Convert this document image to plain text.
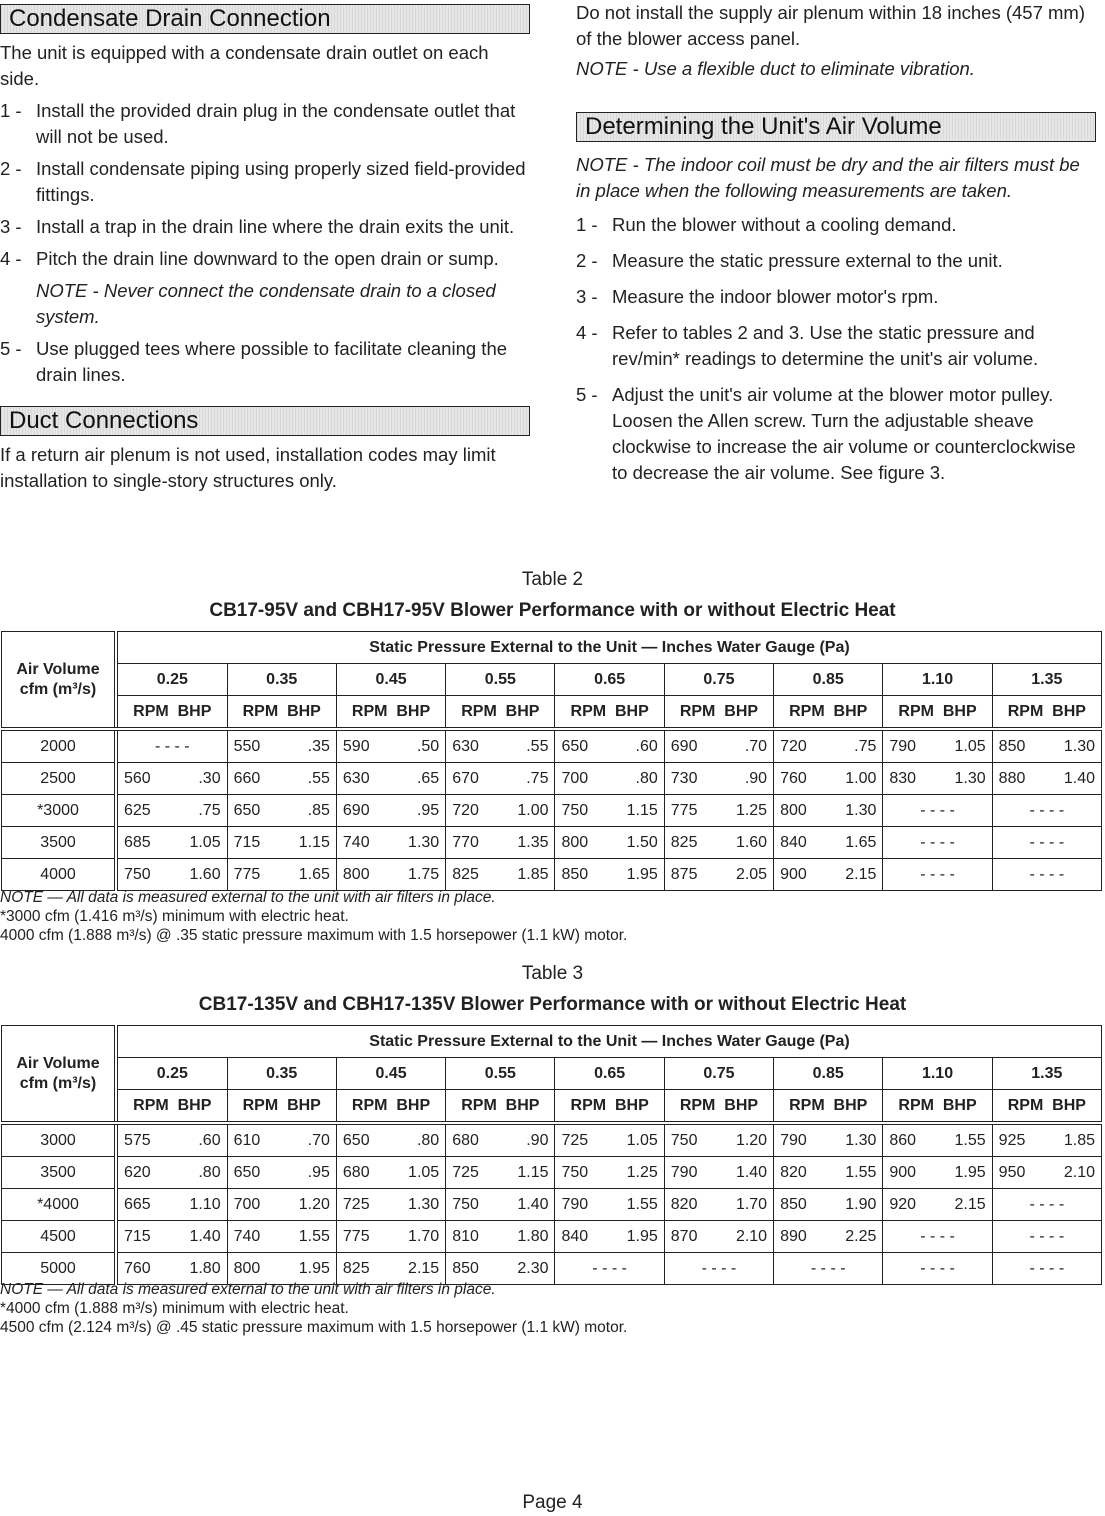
Condensate Drain Connection

The unit is equipped with a condensate drain outlet on each side.

1 - Install the provided drain plug in the condensate outlet that will not be used.
2 - Install condensate piping using properly sized field-provided fittings.
3 - Install a trap in the drain line where the drain exits the unit.
4 - Pitch the drain line downward to the open drain or sump.
NOTE - Never connect the condensate drain to a closed system.
5 - Use plugged tees where possible to facilitate cleaning the drain lines.
Duct Connections

If a return air plenum is not used, installation codes may limit installation to single-story structures only.

Do not install the supply air plenum within 18 inches (457 mm) of the blower access panel.

NOTE - Use a flexible duct to eliminate vibration.

Determining the Unit's Air Volume

NOTE - The indoor coil must be dry and the air filters must be in place when the following measurements are taken.

1 - Run the blower without a cooling demand.
2 - Measure the static pressure external to the unit.
3 - Measure the indoor blower motor's rpm.
4 - Refer to tables 2 and 3. Use the static pressure and rev/min* readings to determine the unit's air volume.
5 - Adjust the unit's air volume at the blower motor pulley. Loosen the Allen screw. Turn the adjustable sheave clockwise to increase the air volume or counterclockwise to decrease the air volume. See figure 3.
Table 2
CB17-95V and CBH17-95V Blower Performance with or without Electric Heat
Air Volume cfm (m³/s)	Static Pressure External to the Unit — Inches Water Gauge (Pa)								
	0.25	0.35	0.45	0.55	0.65	0.75	0.85	1.10	1.35

RPM  BHP	RPM  BHP	RPM  BHP	RPM  BHP	RPM  BHP	RPM  BHP	RPM  BHP	RPM  BHP	RPM  BHP

2000	- - - -	550 .35	590 .50	630 .55	650 .60	690 .70	720 .75	790 1.05	850 1.30

2500	560 .30	660 .55	630 .65	670 .75	700 .80	730 .90	760 1.00	830 1.30	880 1.40

*3000	625 .75	650 .85	690 .95	720 1.00	750 1.15	775 1.25	800 1.30	- - - -	- - - -

3500	685 1.05	715 1.15	740 1.30	770 1.35	800 1.50	825 1.60	840 1.65	- - - -	- - - -

4000	750 1.60	775 1.65	800 1.75	825 1.85	850 1.95	875 2.05	900 2.15	- - - -	- - - -
NOTE — All data is measured external to the unit with air filters in place.
*3000 cfm (1.416 m³/s) minimum with electric heat.
4000 cfm (1.888 m³/s) @ .35 static pressure maximum with 1.5 horsepower (1.1 kW) motor.
Table 3
CB17-135V and CBH17-135V Blower Performance with or without Electric Heat
Air Volume cfm (m³/s)	Static Pressure External to the Unit — Inches Water Gauge (Pa)								
	0.25	0.35	0.45	0.55	0.65	0.75	0.85	1.10	1.35

RPM  BHP	RPM  BHP	RPM  BHP	RPM  BHP	RPM  BHP	RPM  BHP	RPM  BHP	RPM  BHP	RPM  BHP

3000	575 .60	610 .70	650 .80	680 .90	725 1.05	750 1.20	790 1.30	860 1.55	925 1.85

3500	620 .80	650 .95	680 1.05	725 1.15	750 1.25	790 1.40	820 1.55	900 1.95	950 2.10

*4000	665 1.10	700 1.20	725 1.30	750 1.40	790 1.55	820 1.70	850 1.90	920 2.15	- - - -

4500	715 1.40	740 1.55	775 1.70	810 1.80	840 1.95	870 2.10	890 2.25	- - - -	- - - -

5000	760 1.80	800 1.95	825 2.15	850 2.30	- - - -	- - - -	- - - -	- - - -	- - - -
NOTE — All data is measured external to the unit with air filters in place.
*4000 cfm (1.888 m³/s) minimum with electric heat.
4500 cfm (2.124 m³/s) @ .45 static pressure maximum with 1.5 horsepower (1.1 kW) motor.
Page 4
